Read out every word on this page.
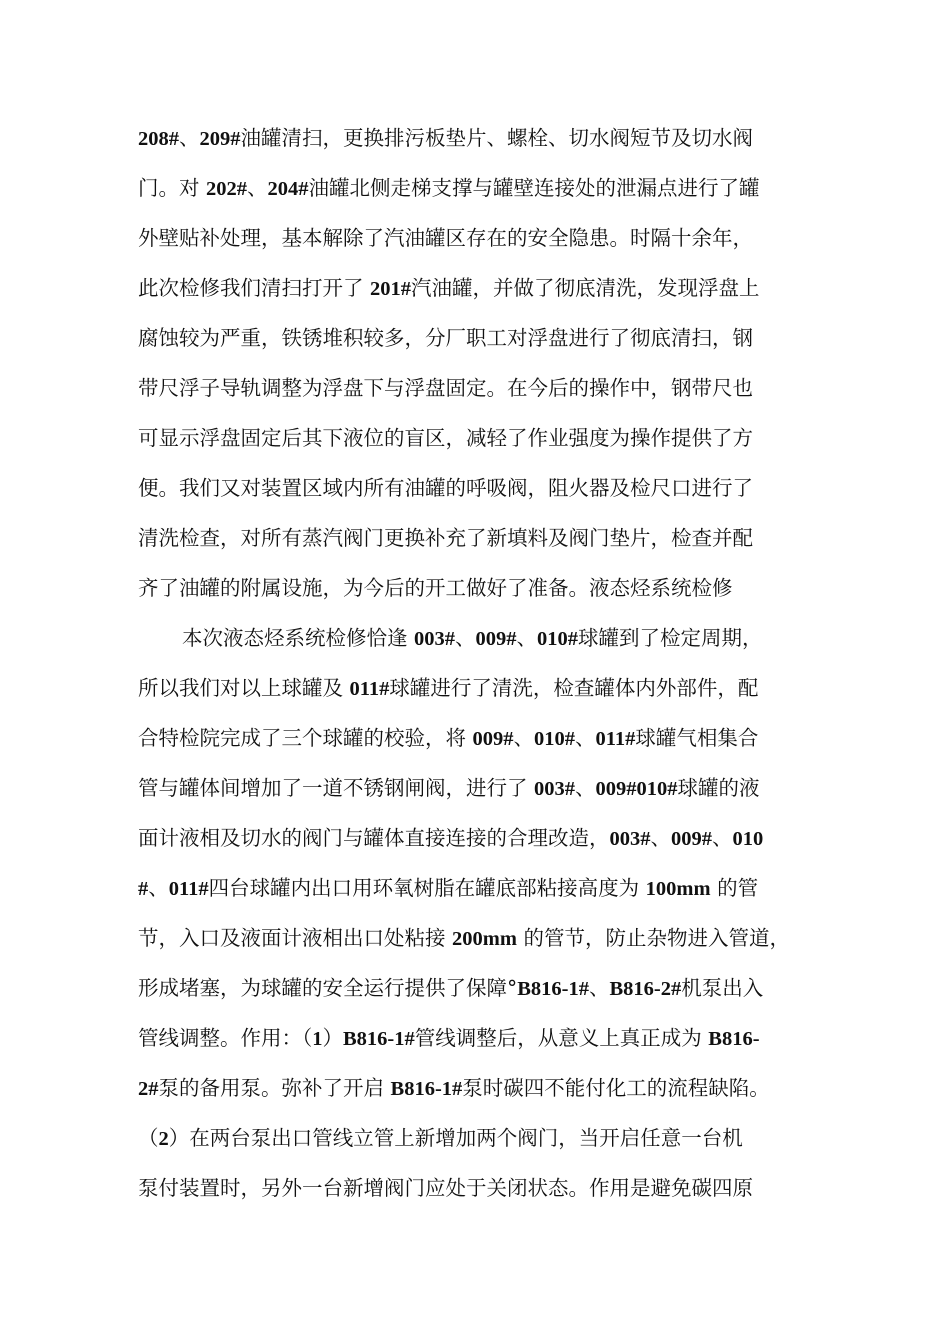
208#、209#油罐清扫，更换排污板垫片、螺栓、切水阀短节及切水阀
门。对 202#、204#油罐北侧走梯支撑与罐壁连接处的泄漏点进行了罐
外壁贴补处理，基本解除了汽油罐区存在的安全隐患。时隔十余年，
此次检修我们清扫打开了 201#汽油罐，并做了彻底清洗，发现浮盘上
腐蚀较为严重，铁锈堆积较多，分厂职工对浮盘进行了彻底清扫，钢
带尺浮子导轨调整为浮盘下与浮盘固定。在今后的操作中，钢带尺也
可显示浮盘固定后其下液位的盲区，减轻了作业强度为操作提供了方
便。我们又对装置区域内所有油罐的呼吸阀，阻火器及检尺口进行了
清洗检查，对所有蒸汽阀门更换补充了新填料及阀门垫片，检查并配
齐了油罐的附属设施，为今后的开工做好了准备。液态烃系统检修
本次液态烃系统检修恰逢 003#、009#、010#球罐到了检定周期，
所以我们对以上球罐及 011#球罐进行了清洗，检查罐体内外部件，配
合特检院完成了三个球罐的校验，将 009#、010#、011#球罐气相集合
管与罐体间增加了一道不锈钢闸阀，进行了 003#、009#010#球罐的液
面计液相及切水的阀门与罐体直接连接的合理改造，003#、009#、010
#、011#四台球罐内出口用环氧树脂在罐底部粘接高度为 100mm 的管
节，入口及液面计液相出口处粘接 200mm 的管节，防止杂物进入管道，
形成堵塞，为球罐的安全运行提供了保障°B816-1#、B816-2#机泵出入
管线调整。作用：（1）B816-1#管线调整后，从意义上真正成为 B816-
2#泵的备用泵。弥补了开启 B816-1#泵时碳四不能付化工的流程缺陷。
（2）在两台泵出口管线立管上新增加两个阀门，当开启任意一台机
泵付装置时，另外一台新增阀门应处于关闭状态。作用是避免碳四原
